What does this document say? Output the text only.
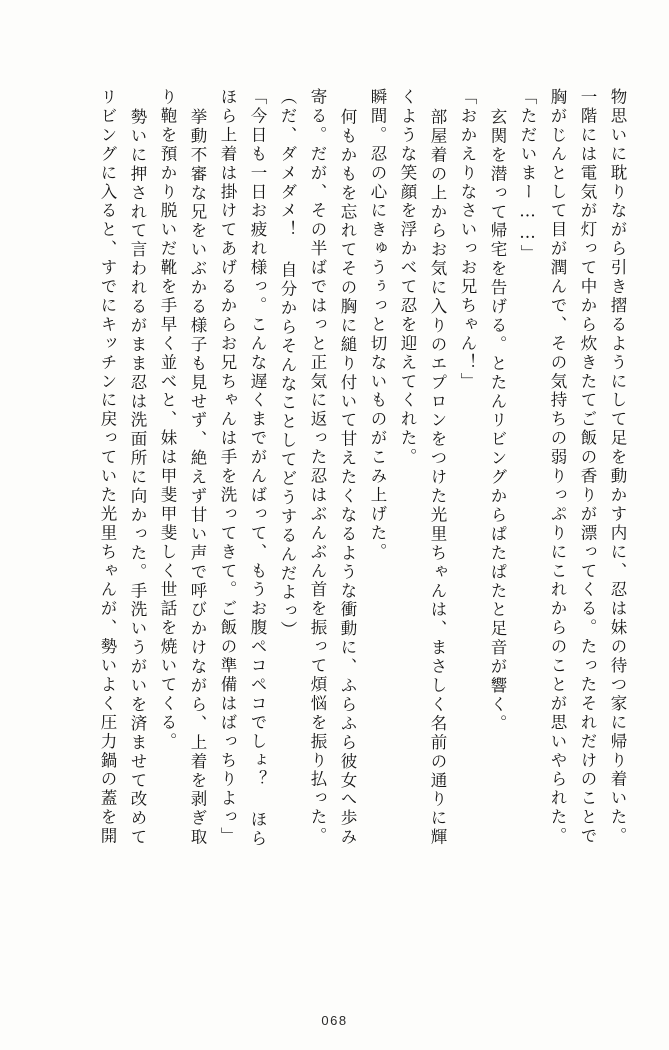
物思いに耽りながら引き摺るようにして足を動かす内に、忍は妹の待つ家に帰り着いた。
一階には電気が灯って中から炊きたてご飯の香りが漂ってくる。たったそれだけのことで
胸がじんとして目が潤んで、その気持ちの弱りっぷりにこれからのことが思いやられた。
「ただいまー……」
玄関を潜って帰宅を告げる。とたんリビングからぱたぱたと足音が響く。
「おかえりなさいっお兄ちゃん！」
部屋着の上からお気に入りのエプロンをつけた光里ちゃんは、まさしく名前の通りに輝
くような笑顔を浮かべて忍を迎えてくれた。
瞬間。忍の心にきゅうぅっと切ないものがこみ上げた。
何もかもを忘れてその胸に縋り付いて甘えたくなるような衝動に、ふらふら彼女へ歩み
寄る。だが、その半ばではっと正気に返った忍はぶんぶん首を振って煩悩を振り払った。
（だ、ダメダメ！ 自分からそんなことしてどうするんだよっ）
「今日も一日お疲れ様っ。こんな遅くまでがんばって、もうお腹ペコペコでしょ？ ほら
ほら上着は掛けてあげるからお兄ちゃんは手を洗ってきて。ご飯の準備はばっちりよっ」
挙動不審な兄をいぶかる様子も見せず、絶えず甘い声で呼びかけながら、上着を剥ぎ取
り鞄を預かり脱いだ靴を手早く並べと、妹は甲斐甲斐しく世話を焼いてくる。
勢いに押されて言われるがまま忍は洗面所に向かった。手洗いうがいを済ませて改めて
リビングに入ると、すでにキッチンに戻っていた光里ちゃんが、勢いよく圧力鍋の蓋を開
068
